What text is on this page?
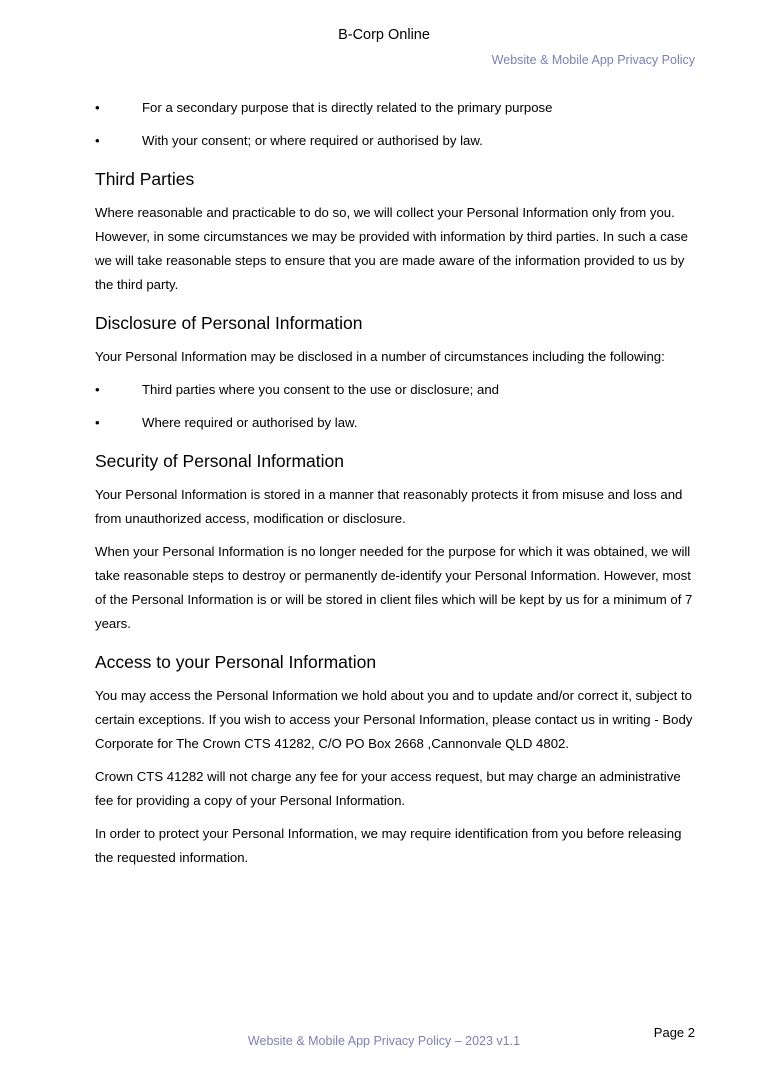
B-Corp Online
Website & Mobile App Privacy Policy
•	For a secondary purpose that is directly related to the primary purpose
•	With your consent; or where required or authorised by law.
Third Parties

Where reasonable and practicable to do so, we will collect your Personal Information only from you. However, in some circumstances we may be provided with information by third parties. In such a case we will take reasonable steps to ensure that you are made aware of the information provided to us by the third party.

Disclosure of Personal Information

Your Personal Information may be disclosed in a number of circumstances including the following:

•	Third parties where you consent to the use or disclosure; and
•	Where required or authorised by law.
Security of Personal Information

Your Personal Information is stored in a manner that reasonably protects it from misuse and loss and from unauthorized access, modification or disclosure.

When your Personal Information is no longer needed for the purpose for which it was obtained, we will take reasonable steps to destroy or permanently de-identify your Personal Information. However, most of the Personal Information is or will be stored in client files which will be kept by us for a minimum of 7 years.

Access to your Personal Information

You may access the Personal Information we hold about you and to update and/or correct it, subject to certain exceptions. If you wish to access your Personal Information, please contact us in writing - Body Corporate for The Crown CTS 41282, C/O PO Box 2668 ,Cannonvale QLD 4802.

Crown CTS 41282 will not charge any fee for your access request, but may charge an administrative fee for providing a copy of your Personal Information.

In order to protect your Personal Information, we may require identification from you before releasing the requested information.

Page 2
Website & Mobile App Privacy Policy – 2023 v1.1
